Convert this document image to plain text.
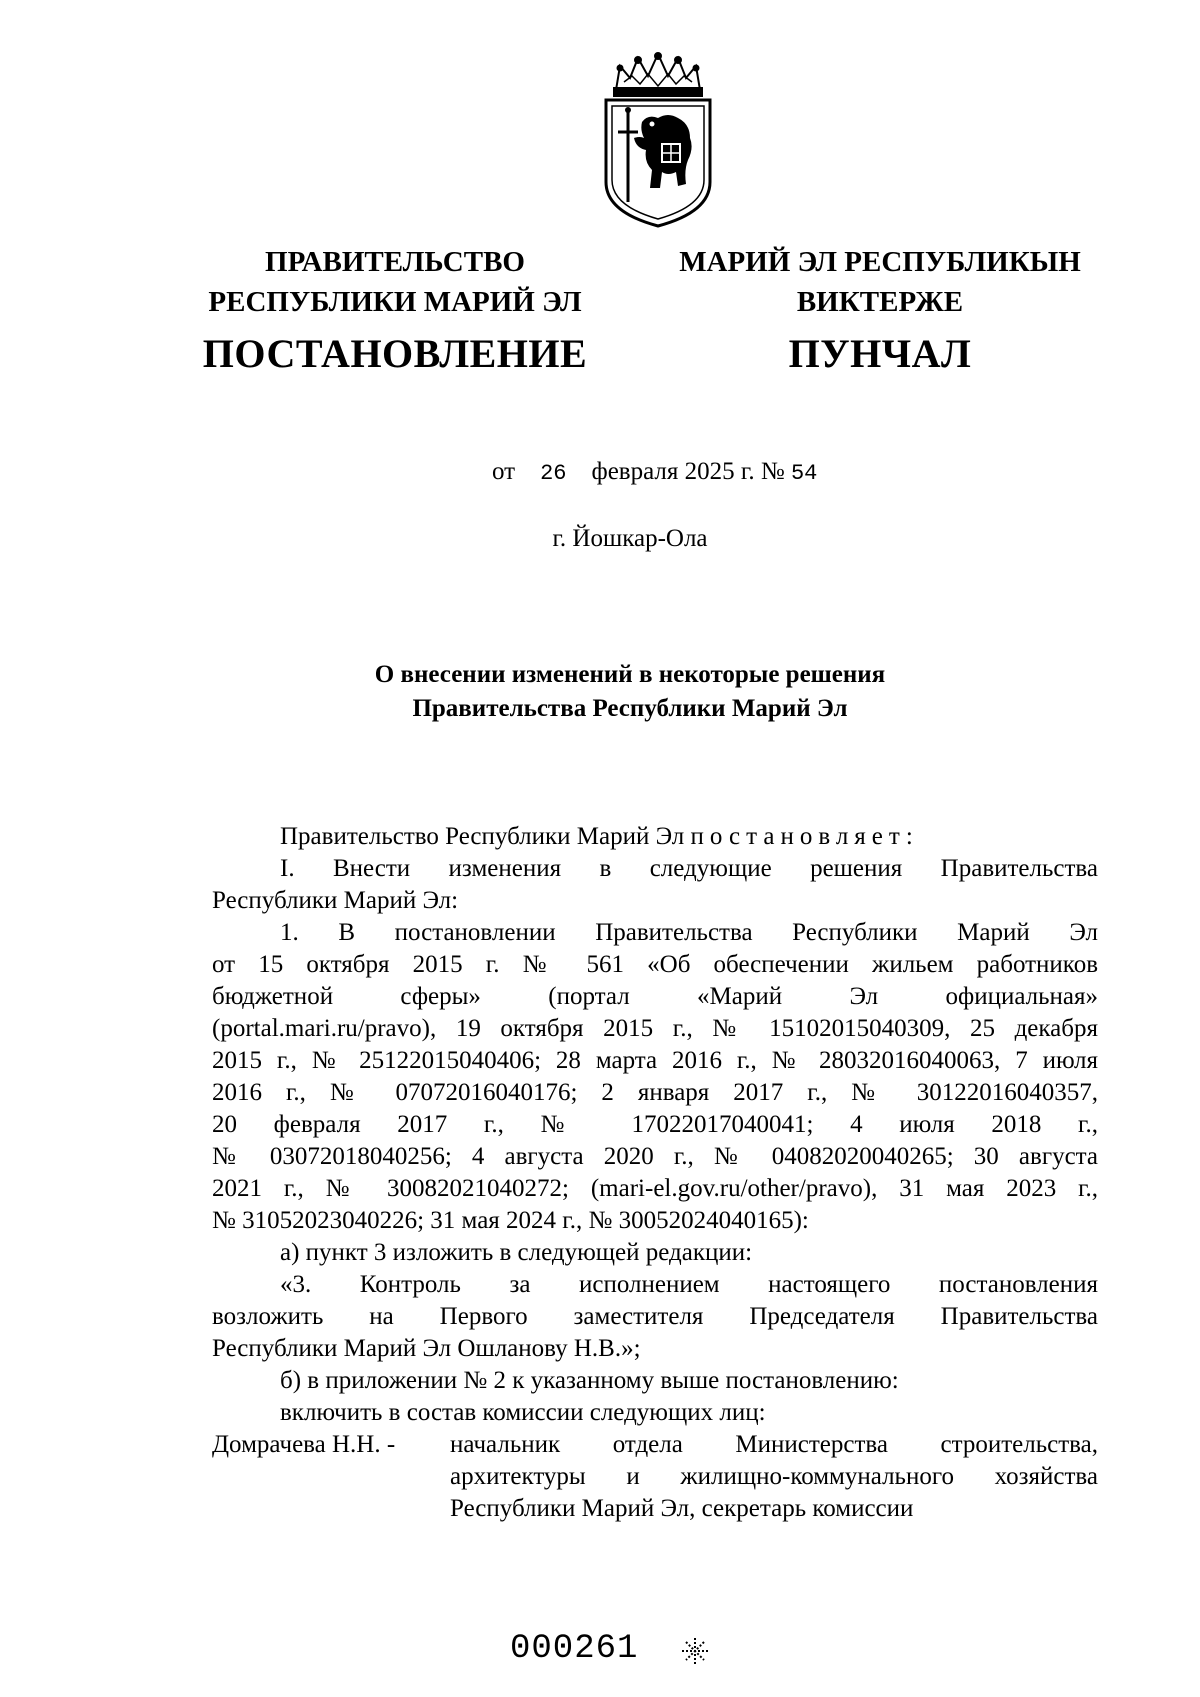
ПРАВИТЕЛЬСТВО
РЕСПУБЛИКИ МАРИЙ ЭЛ
ПОСТАНОВЛЕНИЕ
МАРИЙ ЭЛ РЕСПУБЛИКЫН
ВИКТЕРЖЕ
ПУНЧАЛ
от 26 февраля 2025 г. № 54
г. Йошкар-Ола
О внесении изменений в некоторые решения
Правительства Республики Марий Эл

Правительство Республики Марий Эл постановляет:

I. Внести изменения в следующие решения Правительства

Республики Марий Эл:

1. В постановлении Правительства Республики Марий Эл

от 15 октября 2015 г. № 561 «Об обеспечении жильем работников

бюджетной сферы» (портал «Марий Эл официальная»

(portal.mari.ru/pravo), 19 октября 2015 г., № 15102015040309, 25 декабря

2015 г., № 25122015040406; 28 марта 2016 г., № 28032016040063, 7 июля

2016 г., № 07072016040176; 2 января 2017 г., № 30122016040357,

20 февраля 2017 г., № 17022017040041; 4 июля 2018 г.,

№ 03072018040256; 4 августа 2020 г., № 04082020040265; 30 августа

2021 г., № 30082021040272; (mari-el.gov.ru/other/pravo), 31 мая 2023 г.,

№ 31052023040226; 31 мая 2024 г., № 30052024040165):

а) пункт 3 изложить в следующей редакции:

«3. Контроль за исполнением настоящего постановления

возложить на Первого заместителя Председателя Правительства

Республики Марий Эл Ошланову Н.В.»;

б) в приложении № 2 к указанному выше постановлению:

включить в состав комиссии следующих лиц:

Домрачева Н.Н. -	начальник отдела Министерства строительства,

архитектуры и жилищно-коммунального хозяйства

Республики Марий Эл, секретарь комиссии

000261
